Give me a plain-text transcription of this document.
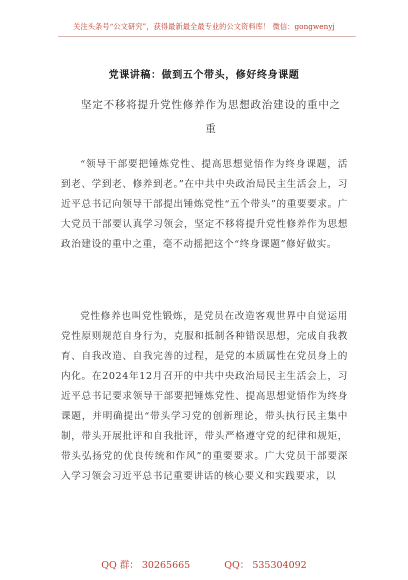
关注头条号“公文研究”，获得最新最全最专业的公文资料库！ 微信：gongwenyj
党课讲稿：做到五个带头，修好终身课题
坚定不移将提升党性修养作为思想政治建设的重中之重

“领导干部要把锤炼党性、提高思想觉悟作为终身课题，活到老、学到老、修养到老。”在中共中央政治局民主生活会上，习近平总书记向领导干部提出锤炼党性“五个带头”的重要要求。广大党员干部要认真学习领会，坚定不移将提升党性修养作为思想政治建设的重中之重，毫不动摇把这个“终身课题”修好做实。

党性修养也叫党性锻炼，是党员在改造客观世界中自觉运用党性原则规范自身行为，克服和抵制各种错误思想，完成自我教育、自我改造、自我完善的过程，是党的本质属性在党员身上的内化。在2024年12月召开的中共中央政治局民主生活会上，习近平总书记要求领导干部要把锤炼党性、提高思想觉悟作为终身课题，并明确提出“带头学习党的创新理论，带头执行民主集中制，带头开展批评和自我批评，带头严格遵守党的纪律和规矩，带头弘扬党的优良传统和作风”的重要要求。广大党员干部要深入学习领会习近平总书记重要讲话的核心要义和实践要求，以

QQ 群： 30265665	QQ： 535304092
